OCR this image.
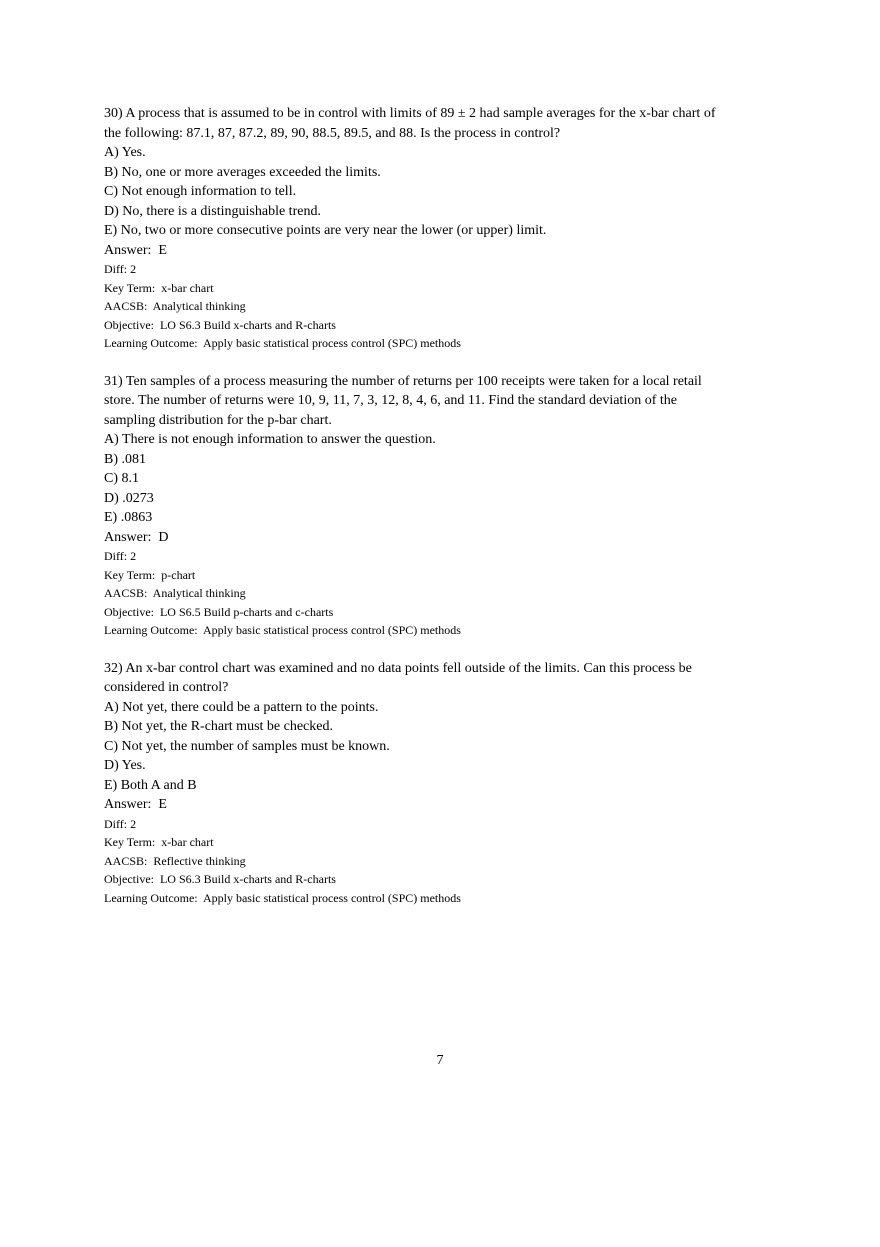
30) A process that is assumed to be in control with limits of 89 ± 2 had sample averages for the x-bar chart of the following: 87.1, 87, 87.2, 89, 90, 88.5, 89.5, and 88. Is the process in control?

A) Yes.

B) No, one or more averages exceeded the limits.

C) Not enough information to tell.

D) No, there is a distinguishable trend.

E) No, two or more consecutive points are very near the lower (or upper) limit.

Answer:  E

Diff: 2

Key Term:  x-bar chart

AACSB:  Analytical thinking

Objective:  LO S6.3 Build x-charts and R-charts

Learning Outcome:  Apply basic statistical process control (SPC) methods

31) Ten samples of a process measuring the number of returns per 100 receipts were taken for a local retail store. The number of returns were 10, 9, 11, 7, 3, 12, 8, 4, 6, and 11. Find the standard deviation of the sampling distribution for the p-bar chart.

A) There is not enough information to answer the question.

B) .081

C) 8.1

D) .0273

E) .0863

Answer:  D

Diff: 2

Key Term:  p-chart

AACSB:  Analytical thinking

Objective:  LO S6.5 Build p-charts and c-charts

Learning Outcome:  Apply basic statistical process control (SPC) methods

32) An x-bar control chart was examined and no data points fell outside of the limits. Can this process be considered in control?

A) Not yet, there could be a pattern to the points.

B) Not yet, the R-chart must be checked.

C) Not yet, the number of samples must be known.

D) Yes.

E) Both A and B

Answer:  E

Diff: 2

Key Term:  x-bar chart

AACSB:  Reflective thinking

Objective:  LO S6.3 Build x-charts and R-charts

Learning Outcome:  Apply basic statistical process control (SPC) methods

7
